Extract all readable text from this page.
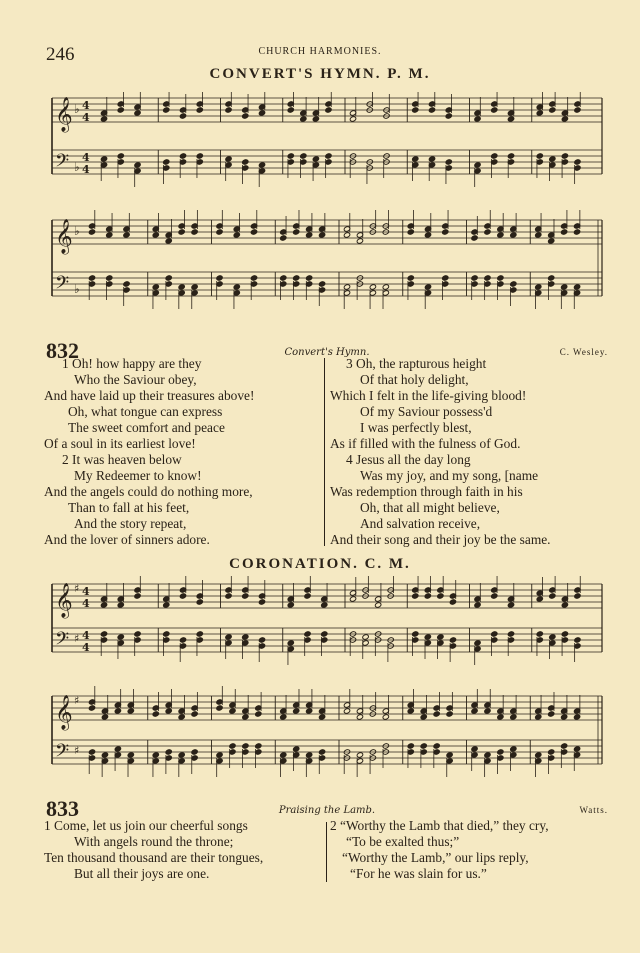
246	CHURCH HARMONIES.
CONVERT'S HYMN. P. M.
𝄞
𝄢
♭
♭
4
4
4
4
𝄞
𝄢
♭
♭
832	Convert's Hymn.	C. Wesley.
1 Oh! how happy are they
Who the Saviour obey,
And have laid up their treasures above!
Oh, what tongue can express
The sweet comfort and peace
Of a soul in its earliest love!
2 It was heaven below
My Redeemer to know!
And the angels could do nothing more,
Than to fall at his feet,
And the story repeat,
And the lover of sinners adore.
3 Oh, the rapturous height
Of that holy delight,
Which I felt in the life-giving blood!
Of my Saviour possess'd
I was perfectly blest,
As if filled with the fulness of God.
4 Jesus all the day long
Was my joy, and my song, [name
Was redemption through faith in his
Oh, that all might believe,
And salvation receive,
And their song and their joy be the same.
CORONATION. C. M.
𝄞
𝄢
♯
♯
4
4
4
4
𝄞
𝄢
♯
♯
833	Praising the Lamb.	Watts.
1 Come, let us join our cheerful songs
With angels round the throne;
Ten thousand thousand are their tongues,
But all their joys are one.
2 “Worthy the Lamb that died,” they cry,
“To be exalted thus;”
“Worthy the Lamb,” our lips reply,
“For he was slain for us.”
